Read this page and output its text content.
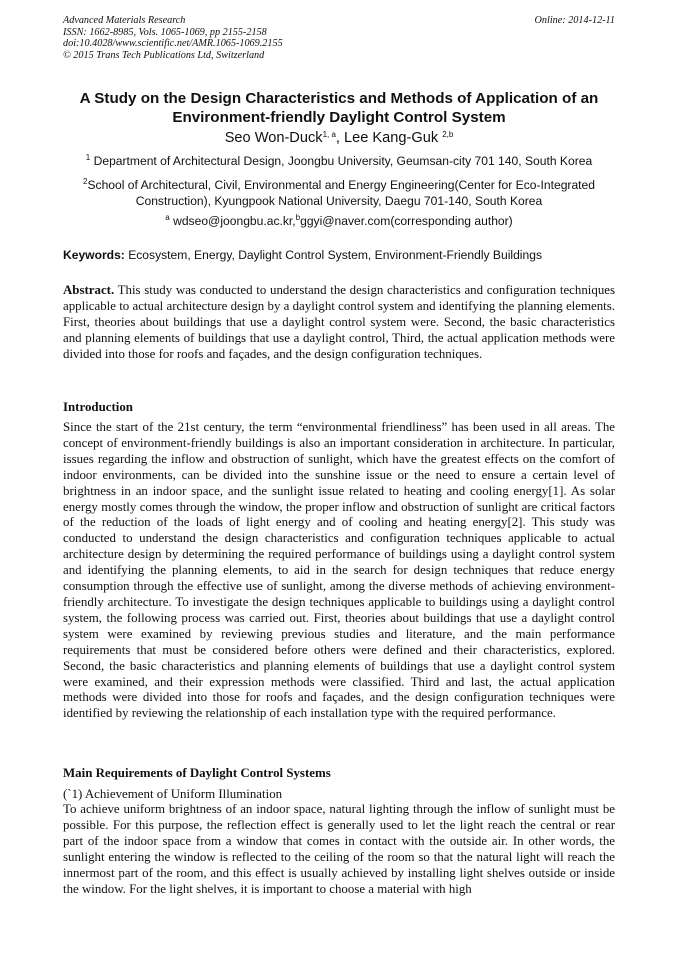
Advanced Materials Research
ISSN: 1662-8985, Vols. 1065-1069, pp 2155-2158
doi:10.4028/www.scientific.net/AMR.1065-1069.2155
© 2015 Trans Tech Publications Ltd, Switzerland
Online: 2014-12-11
A Study on the Design Characteristics and Methods of Application of an
Environment-friendly Daylight Control System
Seo Won-Duck$^{1, a}$, Lee Kang-Guk $^{2,b}$
$^1$ Department of Architectural Design, Joongbu University, Geumsan-city 701 140, South Korea
$^2$School of Architectural, Civil, Environmental and Energy Engineering(Center for Eco-Integrated
Construction), Kyungpook National University, Daegu 701-140, South Korea
$^a$ wdseo@joongbu.ac.kr,$^b$ggyi@naver.com(corresponding author)
Keywords: Ecosystem, Energy, Daylight Control System, Environment-Friendly Buildings

Abstract. This study was conducted to understand the design characteristics and configuration techniques applicable to actual architecture design by a daylight control system and identifying the planning elements. First, theories about buildings that use a daylight control system were. Second, the basic characteristics and planning elements of buildings that use a daylight control, Third, the actual application methods were divided into those for roofs and façades, and the design configuration techniques.

Introduction

Since the start of the 21st century, the term “environmental friendliness” has been used in all areas. The concept of environment-friendly buildings is also an important consideration in architecture. In particular, issues regarding the inflow and obstruction of sunlight, which have the greatest effects on the comfort of indoor environments, can be divided into the sunshine issue or the need to ensure a certain level of brightness in an indoor space, and the sunlight issue related to heating and cooling energy[1]. As solar energy mostly comes through the window, the proper inflow and obstruction of sunlight are critical factors of the reduction of the loads of light energy and of cooling and heating energy[2]. This study was conducted to understand the design characteristics and configuration techniques applicable to actual architecture design by determining the required performance of buildings using a daylight control system and identifying the planning elements, to aid in the search for design techniques that reduce energy consumption through the effective use of sunlight, among the diverse methods of achieving environment-friendly architecture. To investigate the design techniques applicable to buildings using a daylight control system, the following process was carried out. First, theories about buildings that use a daylight control system were examined by reviewing previous studies and literature, and the main performance requirements that must be considered before others were defined and their characteristics, explored. Second, the basic characteristics and planning elements of buildings that use a daylight control system were examined, and their expression methods were classified. Third and last, the actual application methods were divided into those for roofs and façades, and the design configuration techniques were identified by reviewing the relationship of each installation type with the required performance.

Main Requirements of Daylight Control Systems
(`1) Achievement of Uniform Illumination

To achieve uniform brightness of an indoor space, natural lighting through the inflow of sunlight must be possible. For this purpose, the reflection effect is generally used to let the light reach the central or rear part of the indoor space from a window that comes in contact with the outside air. In other words, the sunlight entering the window is reflected to the ceiling of the room so that the natural light will reach the innermost part of the room, and this effect is usually achieved by installing light shelves outside or inside the window. For the light shelves, it is important to choose a material with high
